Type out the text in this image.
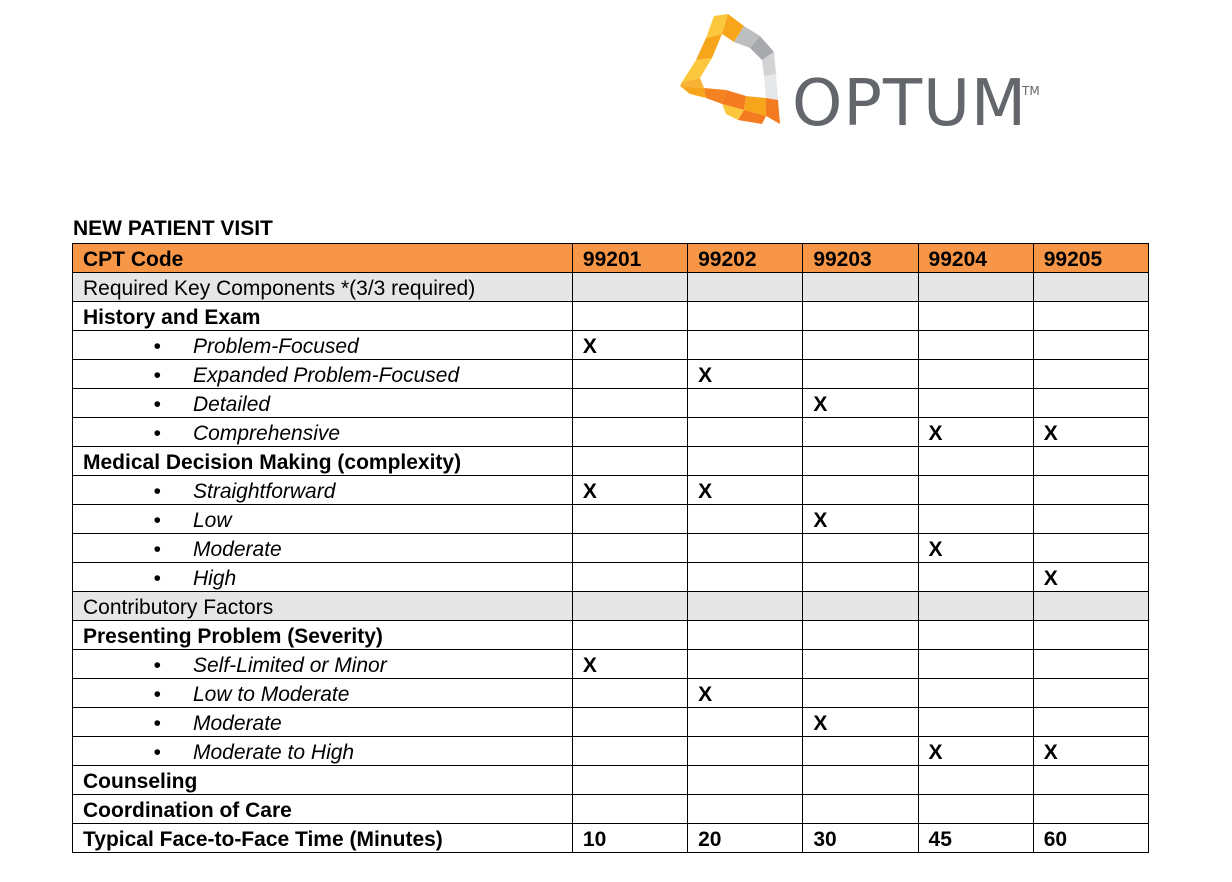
OPTUM
TM
NEW PATIENT VISIT
CPT Code	99201	99202	99203	99204	99205
Required Key Components *(3/3 required)					
History and Exam					
• Problem-Focused	X				
• Expanded Problem-Focused		X			
• Detailed			X		
• Comprehensive				X	X
Medical Decision Making (complexity)					
• Straightforward	X	X			
• Low			X		
• Moderate				X	
• High					X
Contributory Factors					
Presenting Problem (Severity)					
• Self-Limited or Minor	X				
• Low to Moderate		X			
• Moderate			X		
• Moderate to High				X	X
Counseling					
Coordination of Care					
Typical Face-to-Face Time (Minutes)	10	20	30	45	60
